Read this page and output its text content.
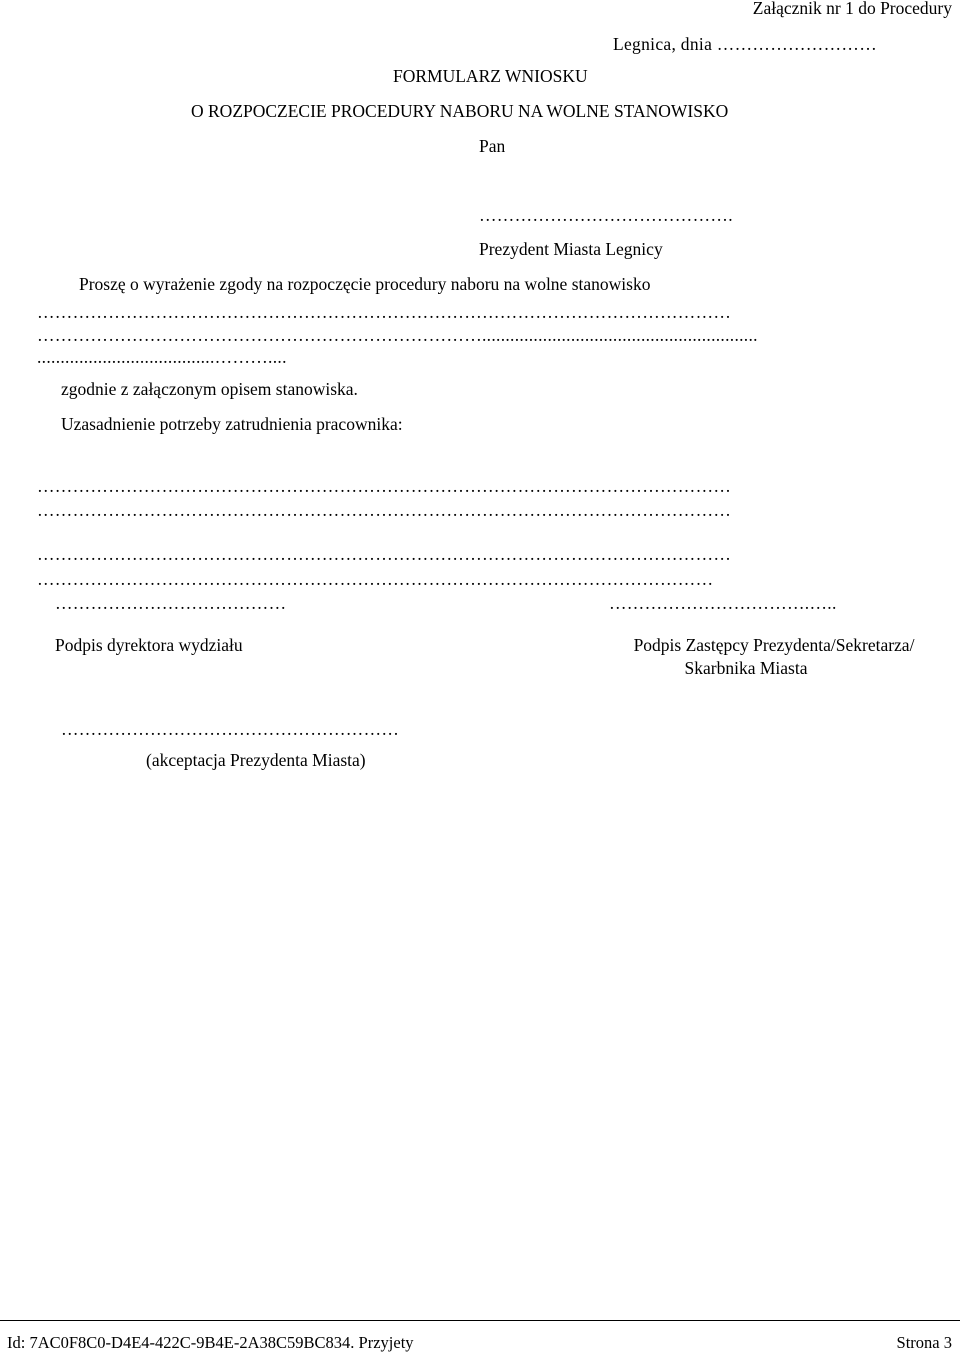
Załącznik nr 1 do Procedury
Legnica, dnia ………………………
FORMULARZ WNIOSKU
O ROZPOCZECIE PROCEDURY NABORU NA WOLNE STANOWISKO
Pan
…………………………………….
Prezydent Miasta Legnicy
Proszę o wyrażenie zgody na rozpoczęcie procedury naboru na wolne stanowisko
………………………………………………………………………………………………………
…………………………………………………………………...........................................................
......................................………....
zgodnie z załączonym opisem stanowiska.
Uzasadnienie potrzeby zatrudnienia pracownika:
………………………………………………………………………………………………………
………………………………………………………………………………………………………
………………………………………………………………………………………………………
……………………………………………………………………………………………………
…………………………………
Podpis dyrektora wydziału
…………………………….…..
Podpis Zastępcy Prezydenta/Sekretarza/
Skarbnika Miasta
…………………………………………………
(akceptacja Prezydenta Miasta)
Id: 7AC0F8C0-D4E4-422C-9B4E-2A38C59BC834. Przyjety	Strona 3
